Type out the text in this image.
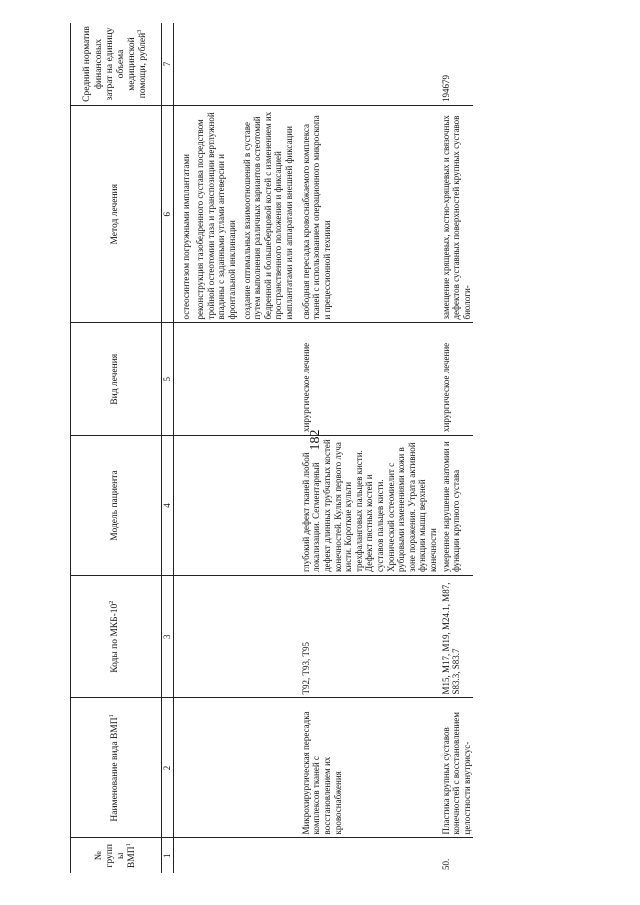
182
№ группы ВМП$^1$	Наименование вида ВМП$^1$	Коды по МКБ-$10^2$	Модель пациента	Вид лечения	Метод лечения	Средний норматив финансовых затрат на единицу объема медицинской помощи, рублей$^3$
1	2	3	4	5	6	7

					остеосинтезом погружными имплантатами реконструкция тазобедренного сустава посредством тройной остеотомии таза и транспозиции вертлужной впадины с заданными углами антеверсии и фронтальной инклинации создание оптимальных взаимоотношений в суставе путем выполнения различных вариантов остеотомий бедренной и большеберцовой костей с изменением их пространственного положения и фиксацией имплантатами или аппаратами внешней фиксации	

	Микрохирургическая пересадка комплексов тканей с восстановлением их кровоснабжения	Т92, Т93, Т95	глубокий дефект тканей любой локализации. Сегментарный дефект длинных трубчатых костей конечностей. Культя первого луча кисти. Короткие культи трехфаланговых пальцев кисти. Дефект пястных костей и суставов пальцев кисти. Хронический остеомиелит с рубцовыми изменениями кожи в зоне поражения. Утрата активной функции мышц верхней конечности	хирургическое лечение	свободная пересадка кровоснабжаемого комплекса тканей с использованием операционного микроскопа и прецессионной техники	
50.	Пластика крупных суставов конечностей с восстановлением целостности внутрисус-	М15, М17, М19, М24.1, М87, S83.3, S83.7	умеренное нарушение анатомии и функции крупного сустава	хирургическое лечение	замещение хрящевых, костно-хрящевых и связочных дефектов суставных поверхностей крупных суставов биологи-	194679
